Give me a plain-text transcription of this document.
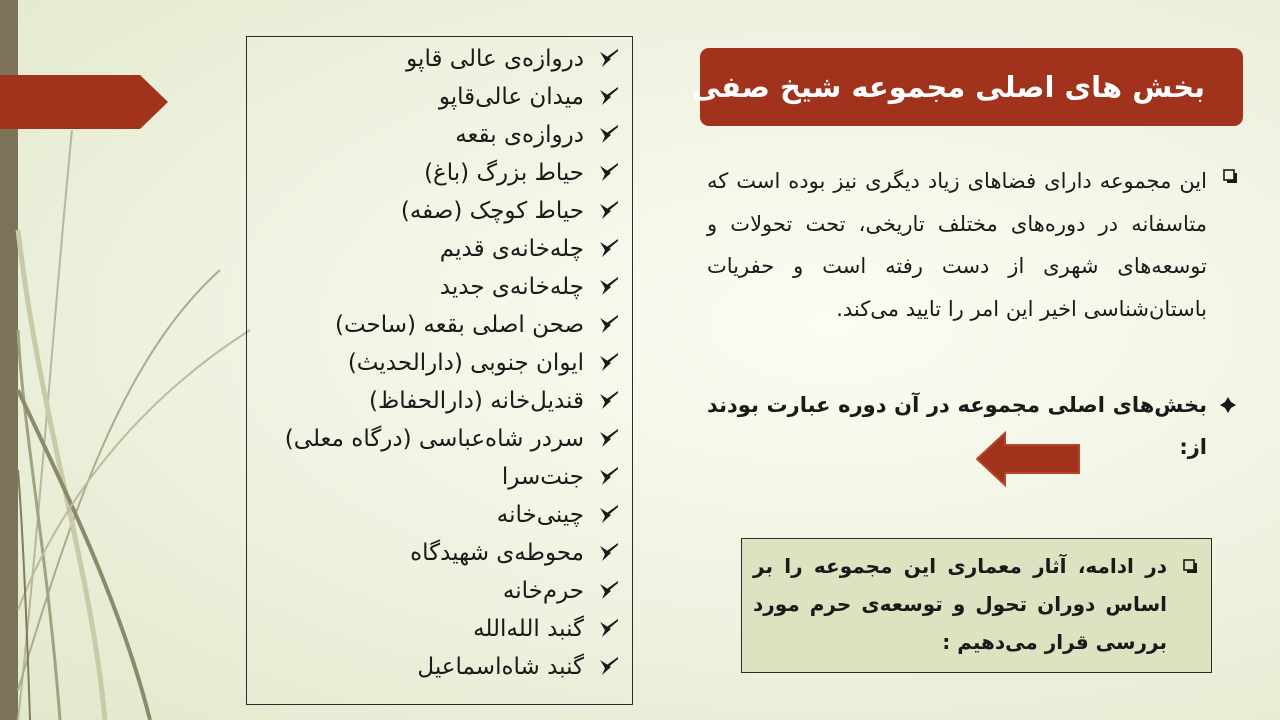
بخش های اصلی مجموعه شیخ صفی
دروازه‌ی عالی قاپو
میدان عالی‌قاپو
دروازه‌ی بقعه
حیاط بزرگ (باغ)
حیاط کوچک (صفه)
چله‌خانه‌ی قدیم
چله‌خانه‌ی جدید
صحن اصلی بقعه (ساحت)
ایوان جنوبی (دارالحدیث)
قندیل‌خانه (دارالحفاظ)
سردر شاه‌عباسی (درگاه معلی)
جنت‌سرا
چینی‌خانه
محوطه‌ی شهیدگاه
حرم‌خانه
گنبد الله‌الله
گنبد شاه‌اسماعیل
این مجموعه دارای فضاهای زیاد دیگری نیز بوده است که متاسفانه در دوره‌های مختلف تاریخی، تحت تحولات و توسعه‌های شهری از دست رفته است و حفریات باستان‌شناسی اخیر این امر را تایید می‌کند.
بخش‌های اصلی مجموعه در آن دوره عبارت بودند از:
در ادامه، آثار معماری این مجموعه را بر اساس دوران تحول و توسعه‌ی حرم مورد بررسی قرار می‌دهیم :
